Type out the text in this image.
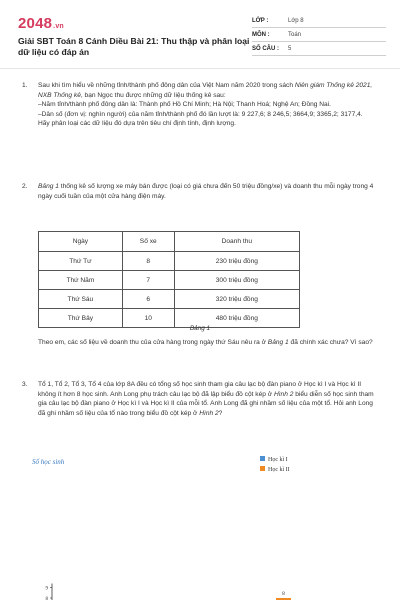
2048.vn
Giải SBT Toán 8 Cánh Diều Bài 21: Thu thập và phân loại dữ liệu có đáp án
LỚP :	Lớp 8
MÔN :	Toán
SỐ CÂU :	5
1. Sau khi tìm hiểu về những tỉnh/thành phố đông dân của Việt Nam năm 2020 trong sách Niên giám Thống kê 2021, NXB Thống kê, bạn Ngọc thu được những dữ liệu thống kê sau:

–Năm tỉnh/thành phố đông dân là: Thành phố Hồ Chí Minh; Hà Nội; Thanh Hoá; Nghệ An; Đồng Nai.

–Dân số (đơn vị: nghìn người) của năm tỉnh/thành phố đó lần lượt là: 9 227,6; 8 246,5; 3664,9; 3365,2; 3177,4.

Hãy phân loại các dữ liệu đó dựa trên tiêu chí định tính, định lượng.

2. Bảng 1 thống kê số lượng xe máy bán được (loại có giá chưa đến 50 triệu đồng/xe) và doanh thu mỗi ngày trong 4 ngày cuối tuần của một cửa hàng điện máy.

Ngày	Số xe	Doanh thu
Thứ Tư	8	230 triệu đồng
Thứ Năm	7	300 triệu đồng
Thứ Sáu	6	320 triệu đồng
Thứ Bảy	10	480 triệu đồng
Bảng 1

Theo em, các số liệu về doanh thu của cửa hàng trong ngày thứ Sáu nêu ra ở Bảng 1 đã chính xác chưa? Vì sao?

3. Tổ 1, Tổ 2, Tổ 3, Tổ 4 của lớp 8A đều có tổng số học sinh tham gia câu lạc bộ đàn piano ở Học kì I và Học kì II không ít hơn 8 học sinh. Anh Long phụ trách câu lạc bộ đã lập biểu đồ cột kép ở Hình 2 biểu diễn số học sinh tham gia câu lạc bộ đàn piano ở Học kì I và Học kì II của mỗi tổ. Anh Long đã ghi nhầm số liệu của một tổ. Hỏi anh Long đã ghi nhầm số liệu của tổ nào trong biểu đồ cột kép ở Hình 2?

Số học sinh
8
9
8
Học kì I
Học kì II
